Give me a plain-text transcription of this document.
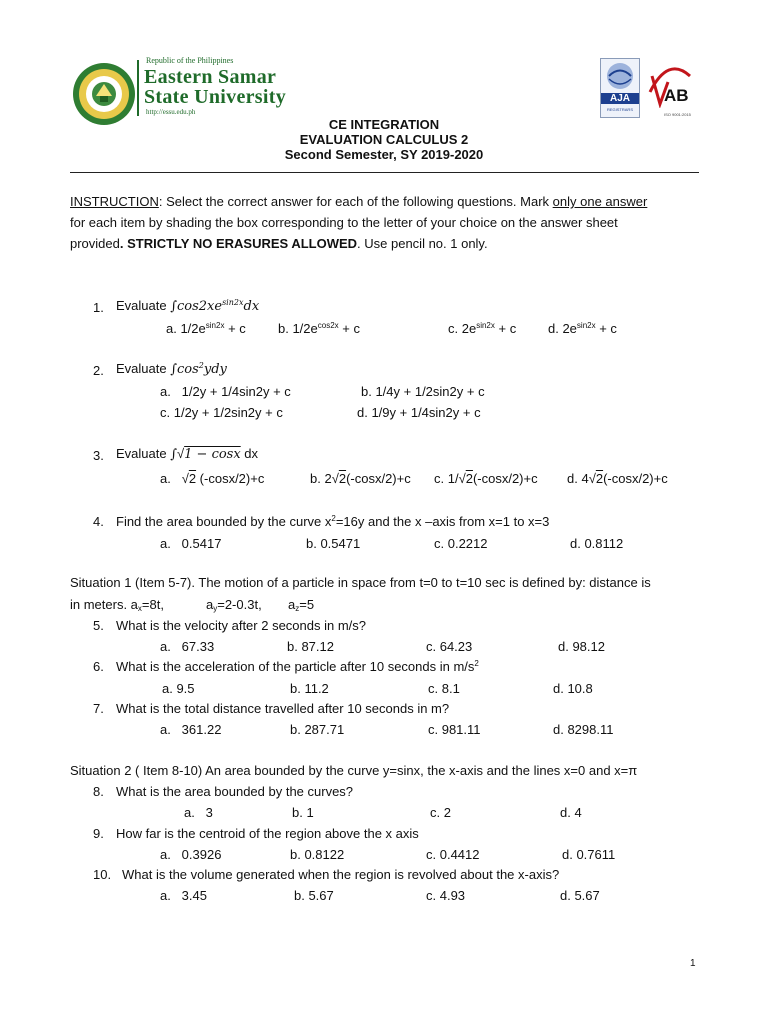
Republic of the Philippines
Eastern Samar
State University
http://essu.edu.ph
AJA
REGISTRARS
AB
ISO 9001:2015
CE INTEGRATION
EVALUATION CALCULUS 2
Second Semester, SY 2019-2020
INSTRUCTION: Select the correct answer for each of the following questions. Mark only one answer
for each item by shading the box corresponding to the letter of your choice on the answer sheet
provided. STRICTLY NO ERASURES ALLOWED. Use pencil no. 1 only.
1. Evaluate $\int\cos 2xe^{sin2x}dx$
a. $1/2e^{sin2x} + c$ b. $1/2e^{cos2x} + c$	c. $2e^{sin2x} + c$ d. $2e^{sin2x} + c$
2. Evaluate $\int\cos^2ydy$
a.   1/2y + 1/4sin2y + c	b. 1/4y + 1/2sin2y + c
c. 1/2y + 1/2sin2y + c	d. 1/9y + 1/4sin2y + c
3. Evaluate ∫√1 − cosx dx
a.   √2 (-cosx/2)+c	b. 2√2(-cosx/2)+c c. 1/√2(-cosx/2)+c d. 4√2(-cosx/2)+c
4. Find the area bounded by the curve $x^2=16y$ and the x –axis from x=1 to x=3
a.   0.5417	b. 0.5471	c. 0.2212	d. 0.8112
Situation 1 (Item 5-7). The motion of a particle in space from t=0 to t=10 sec is defined by: distance is
in meters. $a_x=8t$,	$a_y=2-0.3t$, $a_z=5$
5. What is the velocity after 2 seconds in m/s?
a.   67.33	b. 87.12	c. 64.23	d. 98.12
6. What is the acceleration of the particle after 10 seconds in $m/s^2$
a. 9.5	b. 11.2	c. 8.1	d. 10.8
7. What is the total distance travelled after 10 seconds in m?
a.   361.22	b. 287.71	c. 981.11	d. 8298.11
Situation 2 ( Item 8-10) An area bounded by the curve y=sinx, the x-axis and the lines x=0 and x=π
8. What is the area bounded by the curves?
a.   3	b. 1	c. 2	d. 4
9. How far is the centroid of the region above the x axis
a.   0.3926	b. 0.8122	c. 0.4412	d. 0.7611
10. What is the volume generated when the region is revolved about the x-axis?
a.   3.45	b. 5.67	c. 4.93	d. 5.67
1
